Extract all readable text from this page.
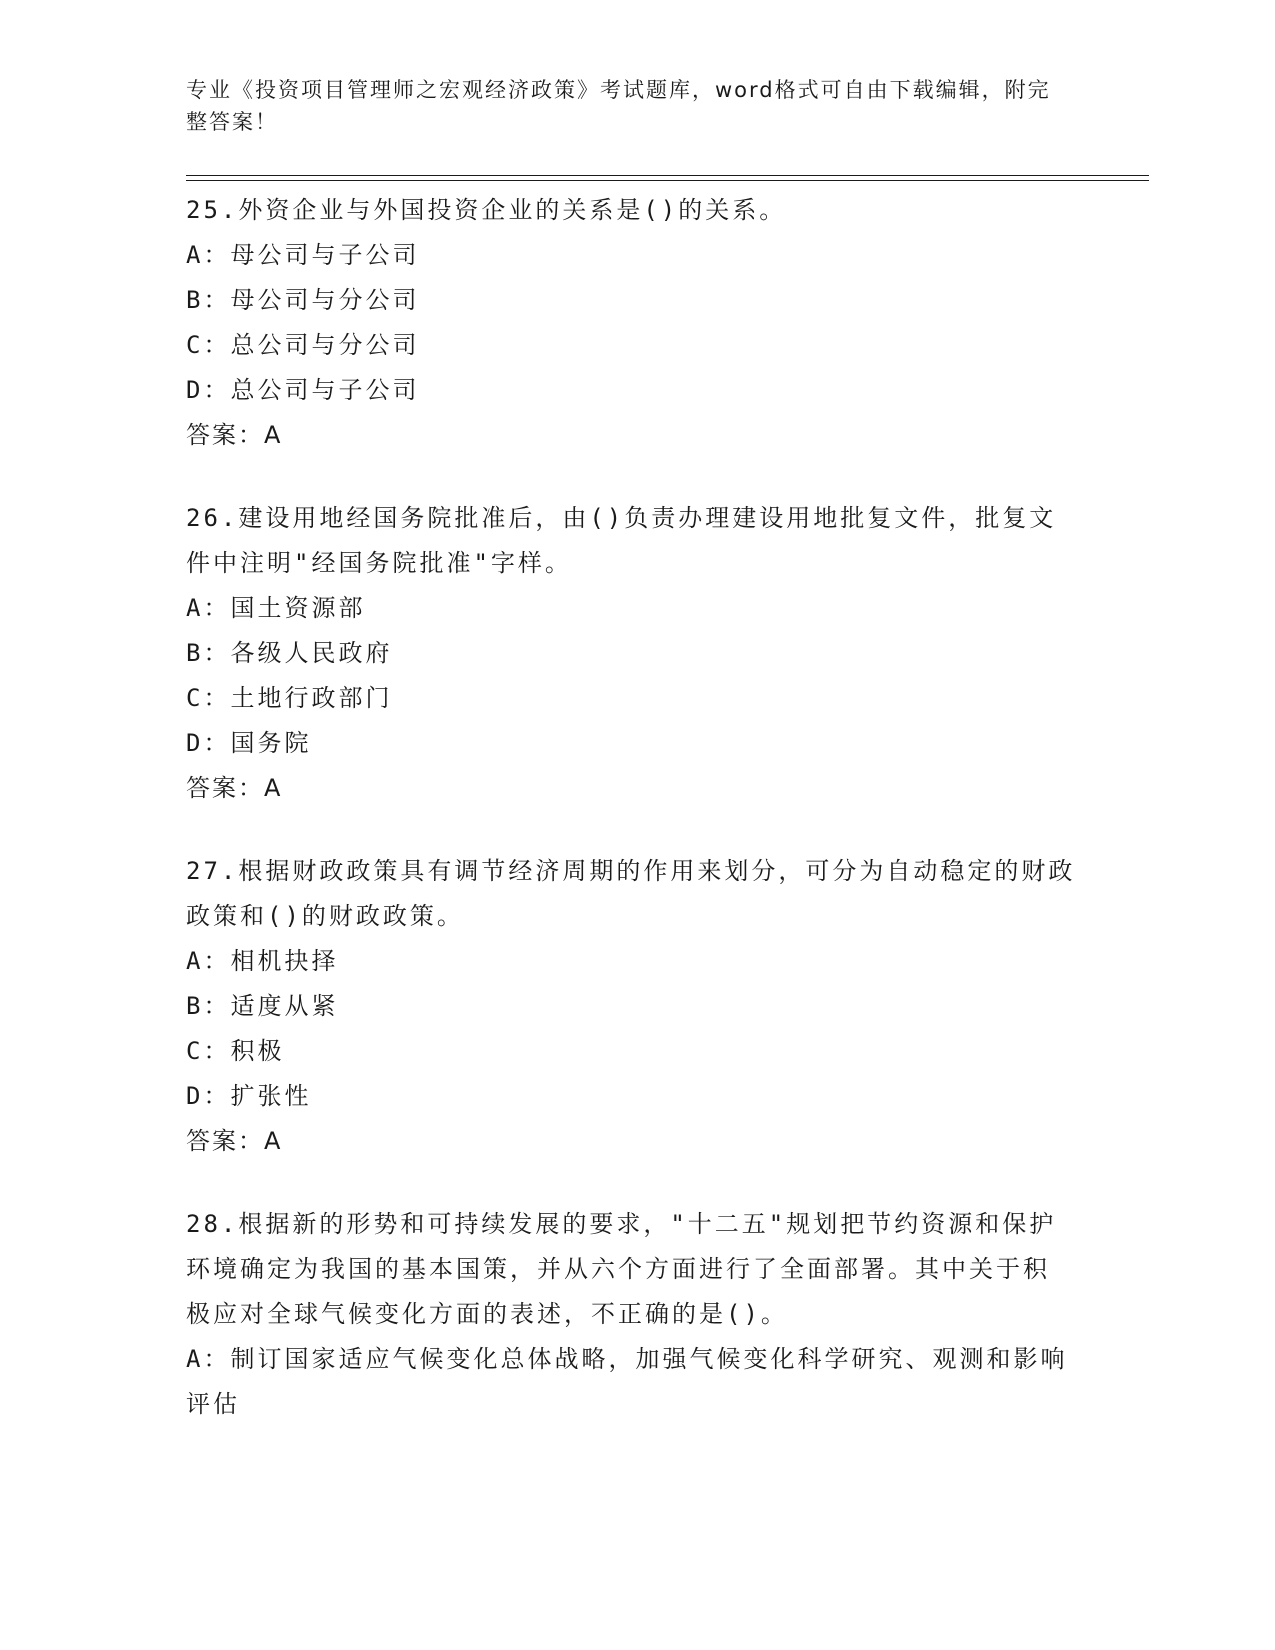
专业《投资项目管理师之宏观经济政策》考试题库，word格式可自由下载编辑，附完整答案！
25.外资企业与外国投资企业的关系是()的关系。
A：母公司与子公司
B：母公司与分公司
C：总公司与分公司
D：总公司与子公司
答案：A
26.建设用地经国务院批准后，由()负责办理建设用地批复文件，批复文件中注明"经国务院批准"字样。
A：国土资源部
B：各级人民政府
C：土地行政部门
D：国务院
答案：A
27.根据财政政策具有调节经济周期的作用来划分，可分为自动稳定的财政政策和()的财政政策。
A：相机抉择
B：适度从紧
C：积极
D：扩张性
答案：A
28.根据新的形势和可持续发展的要求，"十二五"规划把节约资源和保护环境确定为我国的基本国策，并从六个方面进行了全面部署。其中关于积极应对全球气候变化方面的表述，不正确的是()。
A：制订国家适应气候变化总体战略，加强气候变化科学研究、观测和影响评估
